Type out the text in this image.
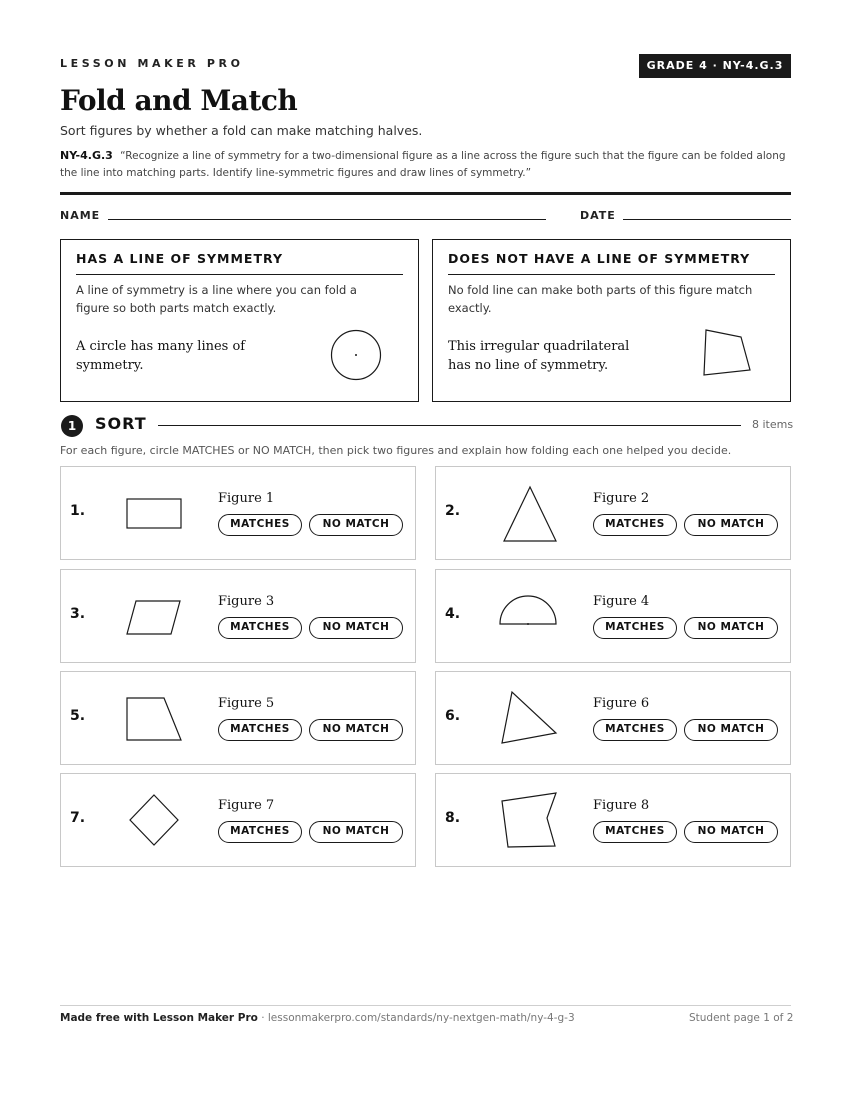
LESSON MAKER PRO	GRADE 4 · NY-4.G.3
Fold and Match
Sort figures by whether a fold can make matching halves.
NY-4.G.3 “Recognize a line of symmetry for a two-dimensional figure as a line across the figure such that the figure can be folded along the line into matching parts. Identify line-symmetric figures and draw lines of symmetry.”
NAME	DATE
HAS A LINE OF SYMMETRY
A line of symmetry is a line where you can fold a figure so both parts match exactly.
A circle has many lines of symmetry.
DOES NOT HAVE A LINE OF SYMMETRY
No fold line can make both parts of this figure match exactly.
This irregular quadrilateral has no line of symmetry.
1	SORT	8 items
For each figure, circle MATCHES or NO MATCH, then pick two figures and explain how folding each one helped you decide.
1.
Figure 1
MATCHES	NO MATCH
2.
Figure 2
MATCHES	NO MATCH
3.
Figure 3
MATCHES	NO MATCH
4.
Figure 4
MATCHES	NO MATCH
5.
Figure 5
MATCHES	NO MATCH
6.
Figure 6
MATCHES	NO MATCH
7.
Figure 7
MATCHES	NO MATCH
8.
Figure 8
MATCHES	NO MATCH
Made free with Lesson Maker Pro · lessonmakerpro.com/standards/ny-nextgen-math/ny-4-g-3	Student page 1 of 2
